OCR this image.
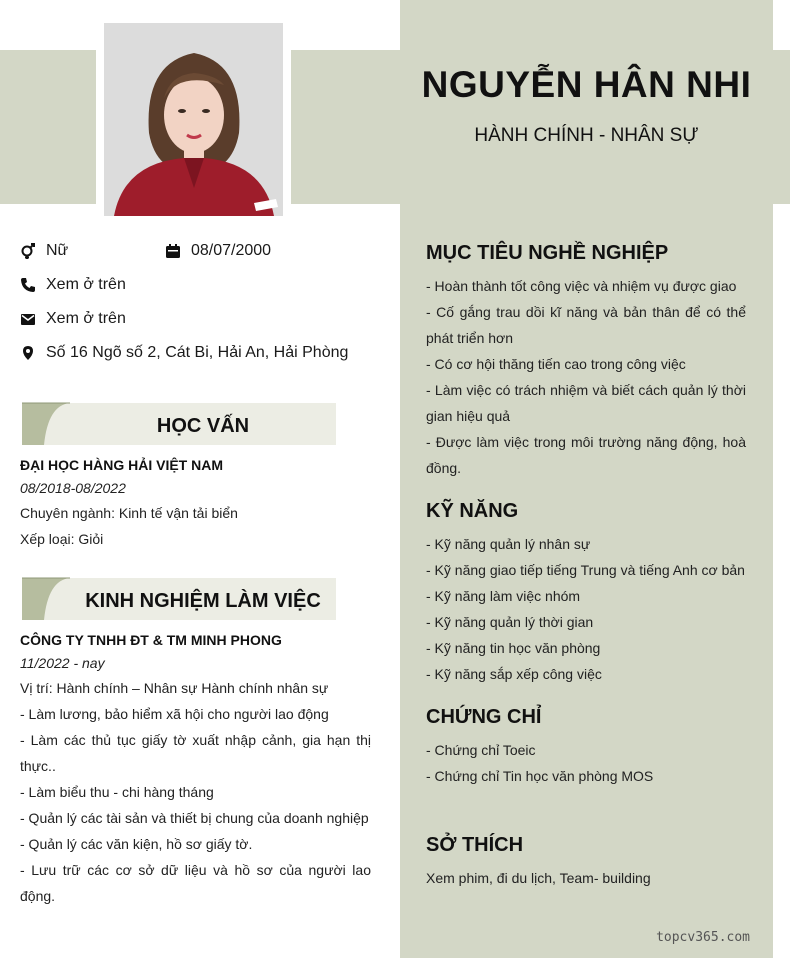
NGUYỄN HÂN NHI
HÀNH CHÍNH - NHÂN SỰ
Nữ	08/07/2000
Xem ở trên
Xem ở trên
Số 16 Ngõ số 2, Cát Bi, Hải An, Hải Phòng
HỌC VẤN
ĐẠI HỌC HÀNG HẢI VIỆT NAM
08/2018-08/2022
Chuyên ngành: Kinh tế vận tải biển
Xếp loại: Giỏi
KINH NGHIỆM LÀM VIỆC
CÔNG TY TNHH ĐT & TM MINH PHONG
11/2022 - nay
Vị trí: Hành chính – Nhân sự Hành chính nhân sự
- Làm lương, bảo hiểm xã hội cho người lao động
- Làm các thủ tục giấy tờ xuất nhập cảnh, gia hạn thị thực..
- Làm biểu thu - chi hàng tháng
- Quản lý các tài sản và thiết bị chung của doanh nghiệp
- Quản lý các văn kiện, hồ sơ giấy tờ.
- Lưu trữ các cơ sở dữ liệu và hồ sơ của người lao động.
MỤC TIÊU NGHỀ NGHIỆP
- Hoàn thành tốt công việc và nhiệm vụ được giao
- Cố gắng trau dồi kĩ năng và bản thân để có thể phát triển hơn
- Có cơ hội thăng tiến cao trong công việc
- Làm việc có trách nhiệm và biết cách quản lý thời gian hiệu quả
- Được làm việc trong môi trường năng động, hoà đồng.
KỸ NĂNG
- Kỹ năng quản lý nhân sự
- Kỹ năng giao tiếp tiếng Trung và tiếng Anh cơ bản
- Kỹ năng làm việc nhóm
- Kỹ năng quản lý thời gian
- Kỹ năng tin học văn phòng
- Kỹ năng sắp xếp công việc
CHỨNG CHỈ
- Chứng chỉ Toeic
- Chứng chỉ Tin học văn phòng MOS
SỞ THÍCH
Xem phim, đi du lịch, Team- building
topcv365.com
